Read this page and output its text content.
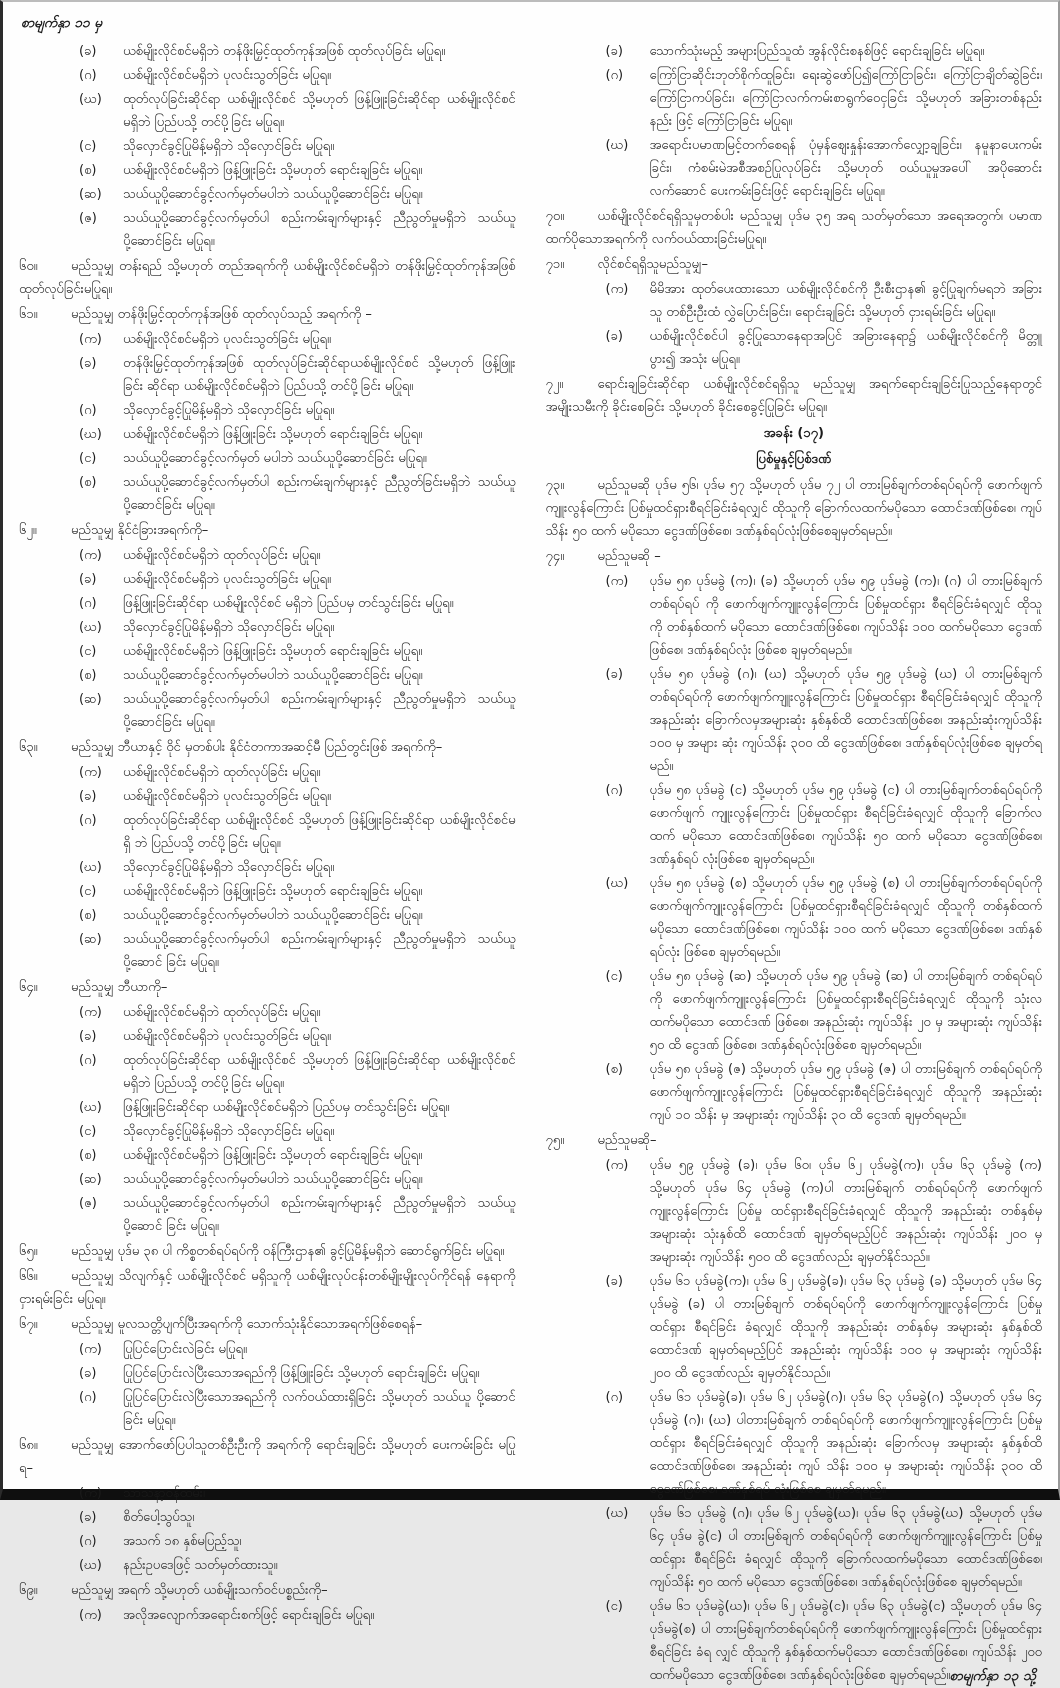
စာမျက်နှာ ၁၁ မှ
(ခ)	ယစ်မျိုးလိုင်စင်မရှိဘဲ တန်ဖိုးမြှင့်ထုတ်ကုန်အဖြစ် ထုတ်လုပ်ခြင်း မပြုရ။
(ဂ)	ယစ်မျိုးလိုင်စင်မရှိဘဲ ပုလင်းသွတ်ခြင်း မပြုရ။
(ဃ)	ထုတ်လုပ်ခြင်းဆိုင်ရာ ယစ်မျိုးလိုင်စင် သို့မဟုတ် ဖြန့်ဖြူးခြင်းဆိုင်ရာ ယစ်မျိုးလိုင်စင် မရှိဘဲ ပြည်ပသို့ တင်ပို့ခြင်း မပြုရ။
(င)	သိုလှောင်ခွင့်ပြုမိန့်မရှိဘဲ သိုလှောင်ခြင်း မပြုရ။
(စ)	ယစ်မျိုးလိုင်စင်မရှိဘဲ ဖြန့်ဖြူးခြင်း သို့မဟုတ် ရောင်းချခြင်း မပြုရ။
(ဆ)	သယ်ယူပို့ဆောင်ခွင့်လက်မှတ်မပါဘဲ သယ်ယူပို့ဆောင်ခြင်း မပြုရ။
(ဇ)	သယ်ယူပို့ဆောင်ခွင့်လက်မှတ်ပါ စည်းကမ်းချက်များနှင့် ညီညွတ်မှုမရှိဘဲ သယ်ယူပို့ဆောင်ခြင်း မပြုရ။
၆၀။	မည်သူမျှ တန်းရည် သို့မဟုတ် တည်အရက်ကို ယစ်မျိုးလိုင်စင်မရှိဘဲ တန်ဖိုးမြှင့်ထုတ်ကုန်အဖြစ် ထုတ်လုပ်ခြင်းမပြုရ။
၆၁။	မည်သူမျှ တန်ဖိုးမြှင့်ထုတ်ကုန်အဖြစ် ထုတ်လုပ်သည့် အရက်ကို –
(က)	ယစ်မျိုးလိုင်စင်မရှိဘဲ ပုလင်းသွတ်ခြင်း မပြုရ။
(ခ)	တန်ဖိုးမြှင့်ထုတ်ကုန်အဖြစ် ထုတ်လုပ်ခြင်းဆိုင်ရာယစ်မျိုးလိုင်စင် သို့မဟုတ် ဖြန့်ဖြူးခြင်း ဆိုင်ရာ ယစ်မျိုးလိုင်စင်မရှိဘဲ ပြည်ပသို့ တင်ပို့ခြင်း မပြုရ။
(ဂ)	သိုလှောင်ခွင့်ပြုမိန့်မရှိဘဲ သိုလှောင်ခြင်း မပြုရ။
(ဃ)	ယစ်မျိုးလိုင်စင်မရှိဘဲ ဖြန့်ဖြူးခြင်း သို့မဟုတ် ရောင်းချခြင်း မပြုရ။
(င)	သယ်ယူပို့ဆောင်ခွင့်လက်မှတ် မပါဘဲ သယ်ယူပို့ဆောင်ခြင်း မပြုရ။
(စ)	သယ်ယူပို့ဆောင်ခွင့်လက်မှတ်ပါ စည်းကမ်းချက်များနှင့် ညီညွတ်ခြင်းမရှိဘဲ သယ်ယူပို့ဆောင်ခြင်း မပြုရ။
၆၂။	မည်သူမျှ နိုင်ငံခြားအရက်ကို–
(က)	ယစ်မျိုးလိုင်စင်မရှိဘဲ ထုတ်လုပ်ခြင်း မပြုရ။
(ခ)	ယစ်မျိုးလိုင်စင်မရှိဘဲ ပုလင်းသွတ်ခြင်း မပြုရ။
(ဂ)	ဖြန့်ဖြူးခြင်းဆိုင်ရာ ယစ်မျိုးလိုင်စင် မရှိဘဲ ပြည်ပမှ တင်သွင်းခြင်း မပြုရ။
(ဃ)	သိုလှောင်ခွင့်ပြုမိန့်မရှိဘဲ သိုလှောင်ခြင်း မပြုရ။
(င)	ယစ်မျိုးလိုင်စင်မရှိဘဲ ဖြန့်ဖြူးခြင်း သို့မဟုတ် ရောင်းချခြင်း မပြုရ။
(စ)	သယ်ယူပို့ဆောင်ခွင့်လက်မှတ်မပါဘဲ သယ်ယူပို့ဆောင်ခြင်း မပြုရ။
(ဆ)	သယ်ယူပို့ဆောင်ခွင့်လက်မှတ်ပါ စည်းကမ်းချက်များနှင့် ညီညွတ်မှုမရှိဘဲ သယ်ယူပို့ဆောင်ခြင်း မပြုရ။
၆၃။	မည်သူမျှ ဘီယာနှင့် ဝိုင် မှတစ်ပါး နိုင်ငံတကာအဆင့်မီ ပြည်တွင်းဖြစ် အရက်ကို–
(က)	ယစ်မျိုးလိုင်စင်မရှိဘဲ ထုတ်လုပ်ခြင်း မပြုရ။
(ခ)	ယစ်မျိုးလိုင်စင်မရှိဘဲ ပုလင်းသွတ်ခြင်း မပြုရ။
(ဂ)	ထုတ်လုပ်ခြင်းဆိုင်ရာ ယစ်မျိုးလိုင်စင် သို့မဟုတ် ဖြန့်ဖြူးခြင်းဆိုင်ရာ ယစ်မျိုးလိုင်စင်မရှိ ဘဲ ပြည်ပသို့ တင်ပို့ခြင်း မပြုရ။
(ဃ)	သိုလှောင်ခွင့်ပြုမိန့်မရှိဘဲ သိုလှောင်ခြင်း မပြုရ။
(င)	ယစ်မျိုးလိုင်စင်မရှိဘဲ ဖြန့်ဖြူးခြင်း သို့မဟုတ် ရောင်းချခြင်း မပြုရ။
(စ)	သယ်ယူပို့ဆောင်ခွင့်လက်မှတ်မပါဘဲ သယ်ယူပို့ဆောင်ခြင်း မပြုရ။
(ဆ)	သယ်ယူပို့ဆောင်ခွင့်လက်မှတ်ပါ စည်းကမ်းချက်များနှင့် ညီညွတ်မှုမရှိဘဲ သယ်ယူပို့ဆောင် ခြင်း မပြုရ။
၆၄။	မည်သူမျှ ဘီယာကို–
(က)	ယစ်မျိုးလိုင်စင်မရှိဘဲ ထုတ်လုပ်ခြင်း မပြုရ။
(ခ)	ယစ်မျိုးလိုင်စင်မရှိဘဲ ပုလင်းသွတ်ခြင်း မပြုရ။
(ဂ)	ထုတ်လုပ်ခြင်းဆိုင်ရာ ယစ်မျိုးလိုင်စင် သို့မဟုတ် ဖြန့်ဖြူးခြင်းဆိုင်ရာ ယစ်မျိုးလိုင်စင် မရှိဘဲ ပြည်ပသို့ တင်ပို့ခြင်း မပြုရ။
(ဃ)	ဖြန့်ဖြူးခြင်းဆိုင်ရာ ယစ်မျိုးလိုင်စင်မရှိဘဲ ပြည်ပမှ တင်သွင်းခြင်း မပြုရ။
(င)	သိုလှောင်ခွင့်ပြုမိန့်မရှိဘဲ သိုလှောင်ခြင်း မပြုရ။
(စ)	ယစ်မျိုးလိုင်စင်မရှိဘဲ ဖြန့်ဖြူးခြင်း သို့မဟုတ် ရောင်းချခြင်း မပြုရ။
(ဆ)	သယ်ယူပို့ဆောင်ခွင့်လက်မှတ်မပါဘဲ သယ်ယူပို့ဆောင်ခြင်း မပြုရ။
(ဇ)	သယ်ယူပို့ဆောင်ခွင့်လက်မှတ်ပါ စည်းကမ်းချက်များနှင့် ညီညွတ်မှုမရှိဘဲ သယ်ယူပို့ဆောင် ခြင်း မပြုရ။
၆၅။	မည်သူမျှ ပုဒ်မ ၃၈ ပါ ကိစ္စတစ်ရပ်ရပ်ကို ဝန်ကြီးဌာန၏ ခွင့်ပြုမိန့်မရှိဘဲ ဆောင်ရွက်ခြင်း မပြုရ။
၆၆။	မည်သူမျှ သိလျက်နှင့် ယစ်မျိုးလိုင်စင် မရှိသူကို ယစ်မျိုးလုပ်ငန်းတစ်မျိုးမျိုးလုပ်ကိုင်ရန် နေရာကို ငှားရမ်းခြင်း မပြုရ။
၆၇။	မည်သူမျှ မူလသတ္တိပျက်ပြီးအရက်ကို သောက်သုံးနိုင်သောအရက်ဖြစ်စေရန်–
(က)	ပြုပြင်ပြောင်းလဲခြင်း မပြုရ။
(ခ)	ပြုပြင်ပြောင်းလဲပြီးသောအရည်ကို ဖြန့်ဖြူးခြင်း သို့မဟုတ် ရောင်းချခြင်း မပြုရ။
(ဂ)	ပြုပြင်ပြောင်းလဲပြီးသောအရည်ကို လက်ဝယ်ထားရှိခြင်း သို့မဟုတ် သယ်ယူ ပို့ဆောင်ခြင်း မပြုရ။
၆၈။	မည်သူမျှ အောက်ဖော်ပြပါသူတစ်ဦးဦးကို အရက်ကို ရောင်းချခြင်း သို့မဟုတ် ပေးကမ်းခြင်း မပြုရ–
(က)	သာသနာ့ဝန်ထမ်း၊
(ခ)	စိတ်ပေါ့သွပ်သူ၊
(ဂ)	အသက် ၁၈ နှစ်မပြည့်သူ၊
(ဃ)	နည်းဥပဒေဖြင့် သတ်မှတ်ထားသူ။
၆၉။	မည်သူမျှ အရက် သို့မဟုတ် ယစ်မျိုးသက်ဝင်ပစ္စည်းကို–
(က)	အလိုအလျောက်အရောင်းစက်ဖြင့် ရောင်းချခြင်း မပြုရ။
(ခ)	သောက်သုံးမည့် အများပြည်သူထံ အွန်လိုင်းစနစ်ဖြင့် ရောင်းချခြင်း မပြုရ။
(ဂ)	ကြော်ငြာဆိုင်းဘုတ်စိုက်ထူခြင်း၊ ရေးဆွဲဖော်ပြ၍ကြော်ငြာခြင်း၊ ကြော်ငြာချိတ်ဆွဲခြင်း၊ ကြော်ငြာကပ်ခြင်း၊ ကြော်ငြာလက်ကမ်းစာရွက်ဝေငှခြင်း သို့မဟုတ် အခြားတစ်နည်းနည်း ဖြင့် ကြော်ငြာခြင်း မပြုရ။
(ဃ)	အရောင်းပမာဏမြင့်တက်စေရန် ပုံမှန်ဈေးနှုန်းအောက်လျှော့ချခြင်း၊ နမူနာပေးကမ်း ခြင်း၊ ကံစမ်းမဲအစီအစဉ်ပြုလုပ်ခြင်း သို့မဟုတ် ဝယ်ယူမှုအပေါ် အပိုဆောင်းလက်ဆောင် ပေးကမ်းခြင်းဖြင့် ရောင်းချခြင်း မပြုရ။
၇၀။	ယစ်မျိုးလိုင်စင်ရရှိသူမှတစ်ပါး မည်သူမျှ ပုဒ်မ ၃၅ အရ သတ်မှတ်သော အရေအတွက်၊ ပမာဏ ထက်ပိုသောအရက်ကို လက်ဝယ်ထားခြင်းမပြုရ။
၇၁။	လိုင်စင်ရရှိသူမည်သူမျှ–
(က)	မိမိအား ထုတ်ပေးထားသော ယစ်မျိုးလိုင်စင်ကို ဦးစီးဌာန၏ ခွင့်ပြုချက်မရဘဲ အခြားသူ တစ်ဦးဦးထံ လွှဲပြောင်းခြင်း၊ ရောင်းချခြင်း သို့မဟုတ် ငှားရမ်းခြင်း မပြုရ။
(ခ)	ယစ်မျိုးလိုင်စင်ပါ ခွင့်ပြုသောနေရာအပြင် အခြားနေရာ၌ ယစ်မျိုးလိုင်စင်ကို မိတ္တူပွား၍ အသုံး မပြုရ။
၇၂။	ရောင်းချခြင်းဆိုင်ရာ ယစ်မျိုးလိုင်စင်ရရှိသူ မည်သူမျှ အရက်ရောင်းချခြင်းပြုသည့်နေရာတွင် အမျိုးသမီးကို ခိုင်းစေခြင်း သို့မဟုတ် ခိုင်းစေခွင့်ပြုခြင်း မပြုရ။
အခန်း (၁၇)
ပြစ်မှုနှင့်ပြစ်ဒဏ်
၇၃။	မည်သူမဆို ပုဒ်မ ၅၆၊ ပုဒ်မ ၅၇ သို့မဟုတ် ပုဒ်မ ၇၂ ပါ တားမြစ်ချက်တစ်ရပ်ရပ်ကို ဖောက်ဖျက် ကျူးလွန်ကြောင်း ပြစ်မှုထင်ရှားစီရင်ခြင်းခံရလျှင် ထိုသူကို ခြောက်လထက်မပိုသော ထောင်ဒဏ်ဖြစ်စေ၊ ကျပ်သိန်း ၅၀ ထက် မပိုသော ငွေဒဏ်ဖြစ်စေ၊ ဒဏ်နှစ်ရပ်လုံးဖြစ်စေချမှတ်ရမည်။
၇၄။	မည်သူမဆို –
(က)	ပုဒ်မ ၅၈ ပုဒ်မခွဲ (က)၊ (ခ) သို့မဟုတ် ပုဒ်မ ၅၉ ပုဒ်မခွဲ (က)၊ (ဂ) ပါ တားမြစ်ချက် တစ်ရပ်ရပ် ကို ဖောက်ဖျက်ကျူးလွန်ကြောင်း ပြစ်မှုထင်ရှား စီရင်ခြင်းခံရလျှင် ထိုသူကို တစ်နှစ်ထက် မပိုသော ထောင်ဒဏ်ဖြစ်စေ၊ ကျပ်သိန်း ၁၀၀ ထက်မပိုသော ငွေဒဏ်ဖြစ်စေ၊ ဒဏ်နှစ်ရပ်လုံး ဖြစ်စေ ချမှတ်ရမည်။
(ခ)	ပုဒ်မ ၅၈ ပုဒ်မခွဲ (ဂ)၊ (ဃ) သို့မဟုတ် ပုဒ်မ ၅၉ ပုဒ်မခွဲ (ဃ) ပါ တားမြစ်ချက် တစ်ရပ်ရပ်ကို ဖောက်ဖျက်ကျူးလွန်ကြောင်း ပြစ်မှုထင်ရှား စီရင်ခြင်းခံရလျှင် ထိုသူကို အနည်းဆုံး ခြောက်လမှအများဆုံး နှစ်နှစ်ထိ ထောင်ဒဏ်ဖြစ်စေ၊ အနည်းဆုံးကျပ်သိန်း ၁၀၀ မှ အများ ဆုံး ကျပ်သိန်း ၃၀၀ ထိ ငွေဒဏ်ဖြစ်စေ၊ ဒဏ်နှစ်ရပ်လုံးဖြစ်စေ ချမှတ်ရမည်။
(ဂ)	ပုဒ်မ ၅၈ ပုဒ်မခွဲ (င) သို့မဟုတ် ပုဒ်မ ၅၉ ပုဒ်မခွဲ (င) ပါ တားမြစ်ချက်တစ်ရပ်ရပ်ကို ဖောက်ဖျက် ကျူးလွန်ကြောင်း ပြစ်မှုထင်ရှား စီရင်ခြင်းခံရလျှင် ထိုသူကို ခြောက်လထက် မပိုသော ထောင်ဒဏ်ဖြစ်စေ၊ ကျပ်သိန်း ၅၀ ထက် မပိုသော ငွေဒဏ်ဖြစ်စေ၊ ဒဏ်နှစ်ရပ် လုံးဖြစ်စေ ချမှတ်ရမည်။
(ဃ)	ပုဒ်မ ၅၈ ပုဒ်မခွဲ (စ) သို့မဟုတ် ပုဒ်မ ၅၉ ပုဒ်မခွဲ (စ) ပါ တားမြစ်ချက်တစ်ရပ်ရပ်ကို ဖောက်ဖျက်ကျူးလွန်ကြောင်း ပြစ်မှုထင်ရှားစီရင်ခြင်းခံရလျှင် ထိုသူကို တစ်နှစ်ထက် မပိုသော ထောင်ဒဏ်ဖြစ်စေ၊ ကျပ်သိန်း ၁၀၀ ထက် မပိုသော ငွေဒဏ်ဖြစ်စေ၊ ဒဏ်နှစ်ရပ်လုံး ဖြစ်စေ ချမှတ်ရမည်။
(င)	ပုဒ်မ ၅၈ ပုဒ်မခွဲ (ဆ) သို့မဟုတ် ပုဒ်မ ၅၉ ပုဒ်မခွဲ (ဆ) ပါ တားမြစ်ချက် တစ်ရပ်ရပ်ကို ဖောက်ဖျက်ကျူးလွန်ကြောင်း ပြစ်မှုထင်ရှားစီရင်ခြင်းခံရလျှင် ထိုသူကို သုံးလထက်မပိုသော ထောင်ဒဏ် ဖြစ်စေ၊ အနည်းဆုံး ကျပ်သိန်း ၂၀ မှ အများဆုံး ကျပ်သိန်း ၅၀ ထိ ငွေဒဏ် ဖြစ်စေ၊ ဒဏ်နှစ်ရပ်လုံးဖြစ်စေ ချမှတ်ရမည်။
(စ)	ပုဒ်မ ၅၈ ပုဒ်မခွဲ (ဇ) သို့မဟုတ် ပုဒ်မ ၅၉ ပုဒ်မခွဲ (ဇ) ပါ တားမြစ်ချက် တစ်ရပ်ရပ်ကို ဖောက်ဖျက်ကျူးလွန်ကြောင်း ပြစ်မှုထင်ရှားစီရင်ခြင်းခံရလျှင် ထိုသူကို အနည်းဆုံး ကျပ် ၁၀ သိန်း မှ အများဆုံး ကျပ်သိန်း ၃၀ ထိ ငွေဒဏ် ချမှတ်ရမည်။
၇၅။	မည်သူမဆို–
(က)	ပုဒ်မ ၅၉ ပုဒ်မခွဲ (ခ)၊ ပုဒ်မ ၆၀၊ ပုဒ်မ ၆၂ ပုဒ်မခွဲ(က)၊ ပုဒ်မ ၆၃ ပုဒ်မခွဲ (က) သို့မဟုတ် ပုဒ်မ ၆၄ ပုဒ်မခွဲ (က)ပါ တားမြစ်ချက် တစ်ရပ်ရပ်ကို ဖောက်ဖျက် ကျူးလွန်ကြောင်း ပြစ်မှု ထင်ရှားစီရင်ခြင်းခံရလျှင် ထိုသူကို အနည်းဆုံး တစ်နှစ်မှ အများဆုံး သုံးနှစ်ထိ ထောင်ဒဏ် ချမှတ်ရမည့်ပြင် အနည်းဆုံး ကျပ်သိန်း ၂၀၀ မှ အများဆုံး ကျပ်သိန်း ၅၀၀ ထိ ငွေဒဏ်လည်း ချမှတ်နိုင်သည်။
(ခ)	ပုဒ်မ ၆၁ ပုဒ်မခွဲ(က)၊ ပုဒ်မ ၆၂ ပုဒ်မခွဲ(ခ)၊ ပုဒ်မ ၆၃ ပုဒ်မခွဲ (ခ) သို့မဟုတ် ပုဒ်မ ၆၄ ပုဒ်မခွဲ (ခ) ပါ တားမြစ်ချက် တစ်ရပ်ရပ်ကို ဖောက်ဖျက်ကျူးလွန်ကြောင်း ပြစ်မှုထင်ရှား စီရင်ခြင်း ခံရလျှင် ထိုသူကို အနည်းဆုံး တစ်နှစ်မှ အများဆုံး နှစ်နှစ်ထိ ထောင်ဒဏ် ချမှတ်ရမည့်ပြင် အနည်းဆုံး ကျပ်သိန်း ၁၀၀ မှ အများဆုံး ကျပ်သိန်း ၂၀၀ ထိ ငွေဒဏ်လည်း ချမှတ်နိုင်သည်။
(ဂ)	ပုဒ်မ ၆၁ ပုဒ်မခွဲ(ခ)၊ ပုဒ်မ ၆၂ ပုဒ်မခွဲ(ဂ)၊ ပုဒ်မ ၆၃ ပုဒ်မခွဲ(ဂ) သို့မဟုတ် ပုဒ်မ ၆၄ ပုဒ်မခွဲ (ဂ)၊ (ဃ) ပါတားမြစ်ချက် တစ်ရပ်ရပ်ကို ဖောက်ဖျက်ကျူးလွန်ကြောင်း ပြစ်မှုထင်ရှား စီရင်ခြင်းခံရလျှင် ထိုသူကို အနည်းဆုံး ခြောက်လမှ အများဆုံး နှစ်နှစ်ထိ ထောင်ဒဏ်ဖြစ်စေ၊ အနည်းဆုံး ကျပ် သိန်း ၁၀၀ မှ အများဆုံး ကျပ်သိန်း ၃၀၀ ထိ ငွေဒဏ်ဖြစ်စေ၊ ဒဏ်နှစ်ရပ် လုံးဖြစ်စေ ချမှတ်ရမည်။
(ဃ)	ပုဒ်မ ၆၁ ပုဒ်မခွဲ (ဂ)၊ ပုဒ်မ ၆၂ ပုဒ်မခွဲ(ဃ)၊ ပုဒ်မ ၆၃ ပုဒ်မခွဲ(ဃ) သို့မဟုတ် ပုဒ်မ ၆၄ ပုဒ်မ ခွဲ(င) ပါ တားမြစ်ချက် တစ်ရပ်ရပ်ကို ဖောက်ဖျက်ကျူးလွန်ကြောင်း ပြစ်မှုထင်ရှား စီရင်ခြင်း ခံရလျှင် ထိုသူကို ခြောက်လထက်မပိုသော ထောင်ဒဏ်ဖြစ်စေ၊ ကျပ်သိန်း ၅၀ ထက် မပိုသော ငွေဒဏ်ဖြစ်စေ၊ ဒဏ်နှစ်ရပ်လုံးဖြစ်စေ ချမှတ်ရမည်။
(င)	ပုဒ်မ ၆၁ ပုဒ်မခွဲ(ဃ)၊ ပုဒ်မ ၆၂ ပုဒ်မခွဲ(င)၊ ပုဒ်မ ၆၃ ပုဒ်မခွဲ(င) သို့မဟုတ် ပုဒ်မ ၆၄ ပုဒ်မခွဲ(စ) ပါ တားမြစ်ချက်တစ်ရပ်ရပ်ကို ဖောက်ဖျက်ကျူးလွန်ကြောင်း ပြစ်မှုထင်ရှားစီရင်ခြင်း ခံရ လျှင် ထိုသူကို နှစ်နှစ်ထက်မပိုသော ထောင်ဒဏ်ဖြစ်စေ၊ ကျပ်သိန်း ၂၀၀ ထက်မပိုသော ငွေဒဏ်ဖြစ်စေ၊ ဒဏ်နှစ်ရပ်လုံးဖြစ်စေ ချမှတ်ရမည်။ စာမျက်နှာ ၁၃ သို့
